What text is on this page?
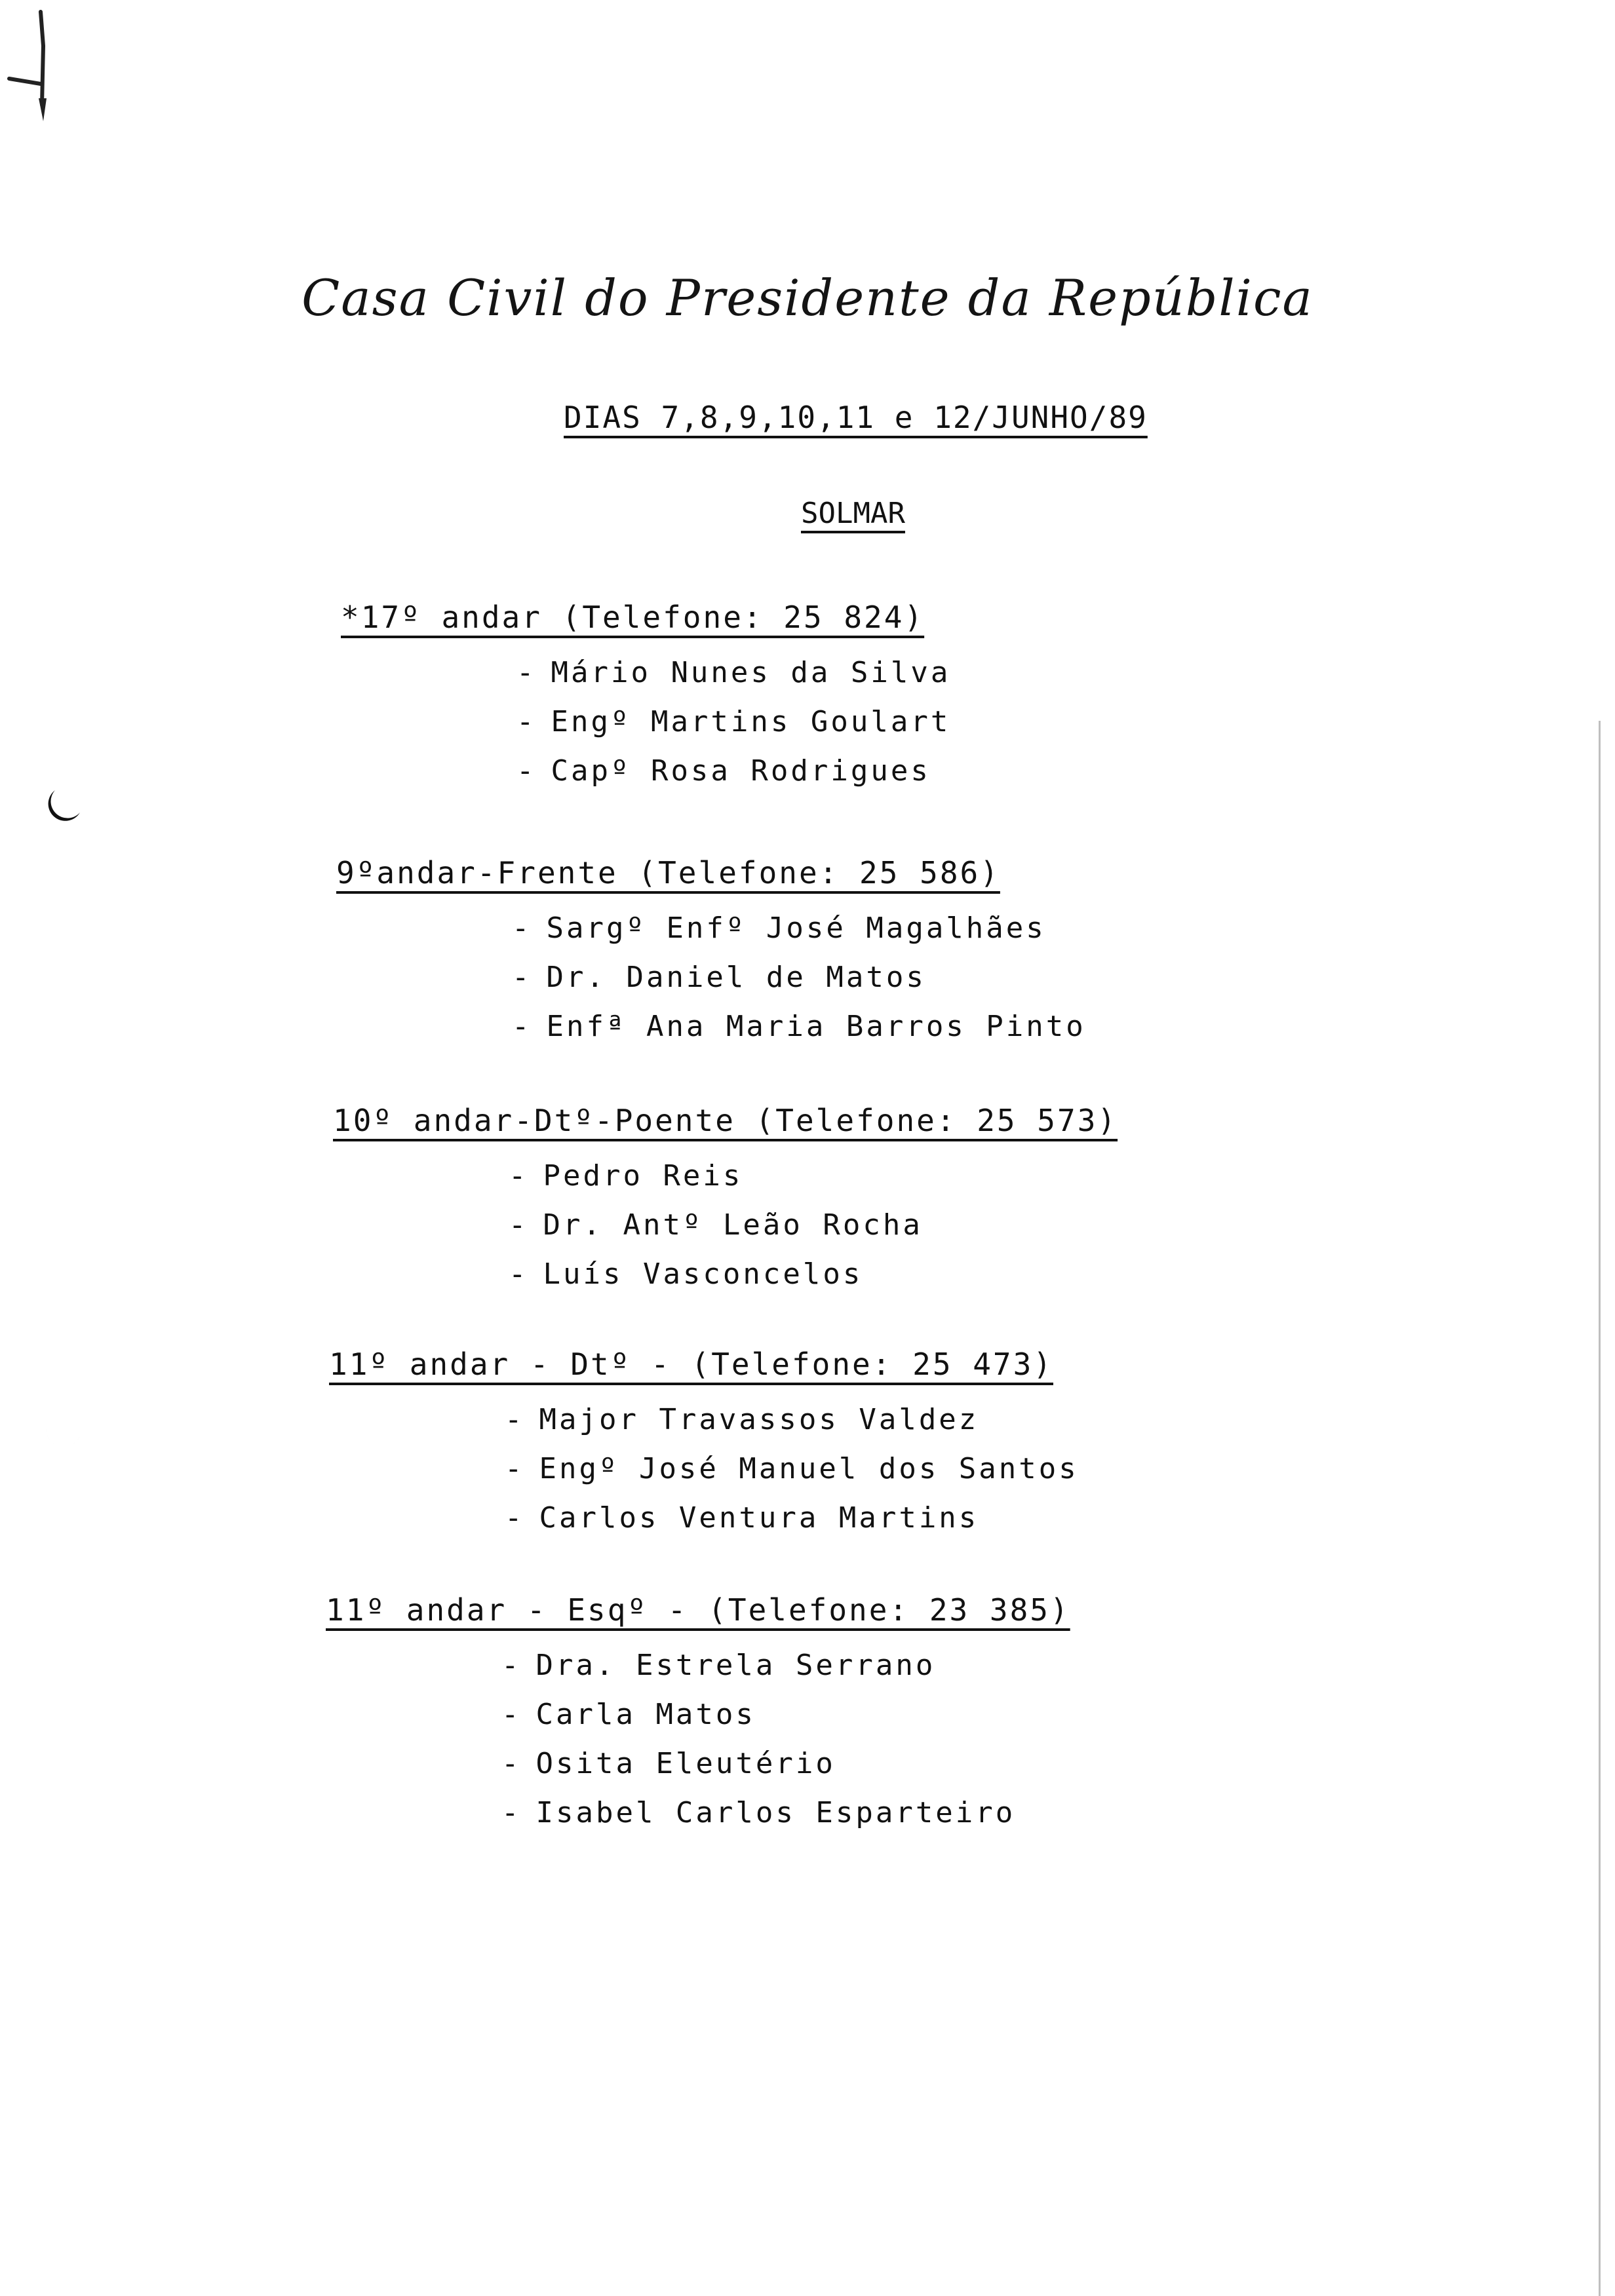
Casa Civil do Presidente da República
DIAS 7,8,9,10,11 e 12/JUNHO/89
SOLMAR
*17º andar (Telefone: 25 824)
- Mário Nunes da Silva
- Engº Martins Goulart
- Capº Rosa Rodrigues
9ºandar-Frente (Telefone: 25 586)
- Sargº Enfº José Magalhães
- Dr. Daniel de Matos
- Enfª Ana Maria Barros Pinto
10º andar-Dtº-Poente (Telefone: 25 573)
- Pedro Reis
- Dr. Antº Leão Rocha
- Luís Vasconcelos
11º andar - Dtº - (Telefone: 25 473)
- Major Travassos Valdez
- Engº José Manuel dos Santos
- Carlos Ventura Martins
11º andar - Esqº - (Telefone: 23 385)
- Dra. Estrela Serrano
- Carla Matos
- Osita Eleutério
- Isabel Carlos Esparteiro
